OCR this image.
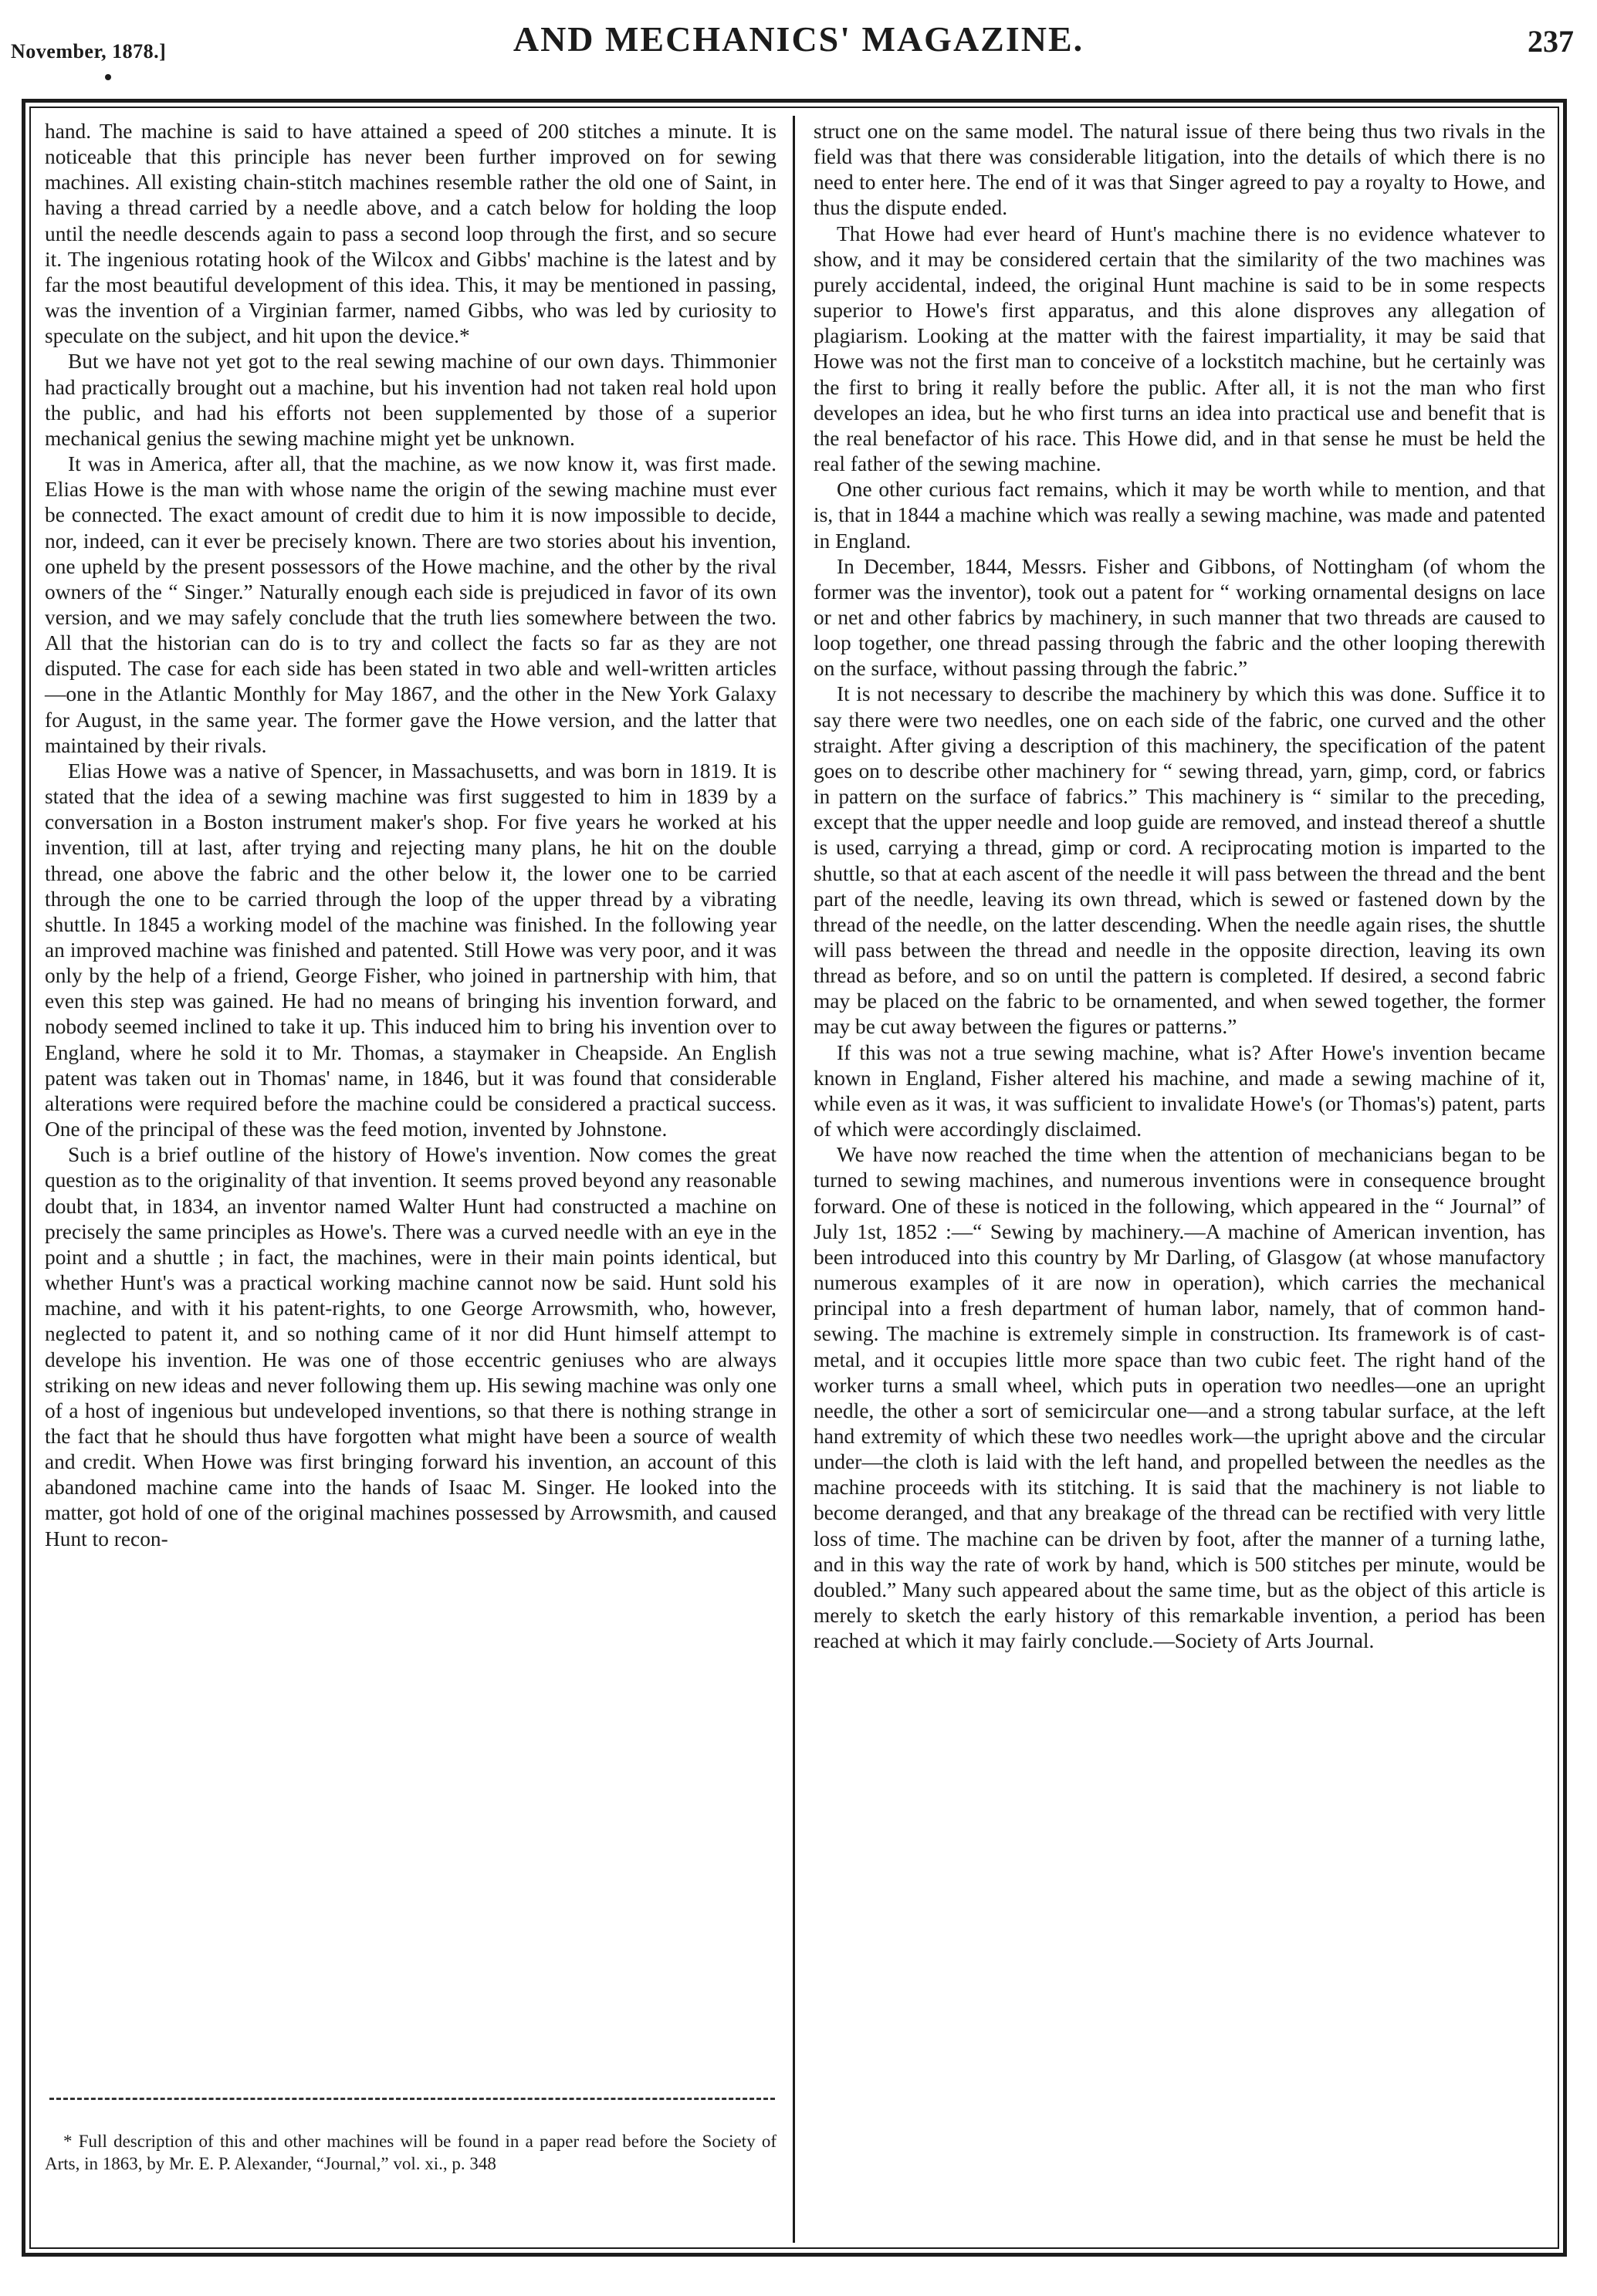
November, 1878.]	AND MECHANICS' MAGAZINE.	237

hand. The machine is said to have attained a speed of 200 stitches a minute. It is noticeable that this principle has never been further improved on for sewing machines. All existing chain-stitch machines resemble rather the old one of Saint, in having a thread carried by a needle above, and a catch below for holding the loop until the needle descends again to pass a second loop through the first, and so secure it. The ingenious rotating hook of the Wilcox and Gibbs' machine is the latest and by far the most beautiful development of this idea. This, it may be mentioned in passing, was the invention of a Virginian farmer, named Gibbs, who was led by curiosity to speculate on the subject, and hit upon the device.*

But we have not yet got to the real sewing machine of our own days. Thimmonier had practically brought out a machine, but his invention had not taken real hold upon the public, and had his efforts not been supplemented by those of a superior mechanical genius the sewing machine might yet be unknown.

It was in America, after all, that the machine, as we now know it, was first made. Elias Howe is the man with whose name the origin of the sewing machine must ever be connected. The exact amount of credit due to him it is now impossible to decide, nor, indeed, can it ever be precisely known. There are two stories about his invention, one upheld by the present possessors of the Howe machine, and the other by the rival owners of the “ Singer.” Naturally enough each side is prejudiced in favor of its own version, and we may safely conclude that the truth lies somewhere between the two. All that the historian can do is to try and collect the facts so far as they are not disputed. The case for each side has been stated in two able and well-written articles—one in the Atlantic Monthly for May 1867, and the other in the New York Galaxy for August, in the same year. The former gave the Howe version, and the latter that maintained by their rivals.

Elias Howe was a native of Spencer, in Massachusetts, and was born in 1819. It is stated that the idea of a sewing machine was first suggested to him in 1839 by a conversation in a Boston instrument maker's shop. For five years he worked at his invention, till at last, after trying and rejecting many plans, he hit on the double thread, one above the fabric and the other below it, the lower one to be carried through the one to be carried through the loop of the upper thread by a vibrating shuttle. In 1845 a working model of the machine was finished. In the following year an improved machine was finished and patented. Still Howe was very poor, and it was only by the help of a friend, George Fisher, who joined in partnership with him, that even this step was gained. He had no means of bringing his invention forward, and nobody seemed inclined to take it up. This induced him to bring his invention over to England, where he sold it to Mr. Thomas, a staymaker in Cheapside. An English patent was taken out in Thomas' name, in 1846, but it was found that considerable alterations were required before the machine could be considered a practical success. One of the principal of these was the feed motion, invented by Johnstone.

Such is a brief outline of the history of Howe's invention. Now comes the great question as to the originality of that invention. It seems proved beyond any reasonable doubt that, in 1834, an inventor named Walter Hunt had constructed a machine on precisely the same principles as Howe's. There was a curved needle with an eye in the point and a shuttle ; in fact, the machines, were in their main points identical, but whether Hunt's was a practical working machine cannot now be said. Hunt sold his machine, and with it his patent-rights, to one George Arrowsmith, who, however, neglected to patent it, and so nothing came of it nor did Hunt himself attempt to develope his invention. He was one of those eccentric geniuses who are always striking on new ideas and never following them up. His sewing machine was only one of a host of ingenious but undeveloped inventions, so that there is nothing strange in the fact that he should thus have forgotten what might have been a source of wealth and credit. When Howe was first bringing forward his invention, an account of this abandoned machine came into the hands of Isaac M. Singer. He looked into the matter, got hold of one of the original machines possessed by Arrowsmith, and caused Hunt to recon-

* Full description of this and other machines will be found in a paper read before the Society of Arts, in 1863, by Mr. E. P. Alexander, “Journal,” vol. xi., p. 348

struct one on the same model. The natural issue of there being thus two rivals in the field was that there was considerable litigation, into the details of which there is no need to enter here. The end of it was that Singer agreed to pay a royalty to Howe, and thus the dispute ended.

That Howe had ever heard of Hunt's machine there is no evidence whatever to show, and it may be considered certain that the similarity of the two machines was purely accidental, indeed, the original Hunt machine is said to be in some respects superior to Howe's first apparatus, and this alone disproves any allegation of plagiarism. Looking at the matter with the fairest impartiality, it may be said that Howe was not the first man to conceive of a lockstitch machine, but he certainly was the first to bring it really before the public. After all, it is not the man who first developes an idea, but he who first turns an idea into practical use and benefit that is the real benefactor of his race. This Howe did, and in that sense he must be held the real father of the sewing machine.

One other curious fact remains, which it may be worth while to mention, and that is, that in 1844 a machine which was really a sewing machine, was made and patented in England.

In December, 1844, Messrs. Fisher and Gibbons, of Nottingham (of whom the former was the inventor), took out a patent for “ working ornamental designs on lace or net and other fabrics by machinery, in such manner that two threads are caused to loop together, one thread passing through the fabric and the other looping therewith on the surface, without passing through the fabric.”

It is not necessary to describe the machinery by which this was done. Suffice it to say there were two needles, one on each side of the fabric, one curved and the other straight. After giving a description of this machinery, the specification of the patent goes on to describe other machinery for “ sewing thread, yarn, gimp, cord, or fabrics in pattern on the surface of fabrics.” This machinery is “ similar to the preceding, except that the upper needle and loop guide are removed, and instead thereof a shuttle is used, carrying a thread, gimp or cord. A reciprocating motion is imparted to the shuttle, so that at each ascent of the needle it will pass between the thread and the bent part of the needle, leaving its own thread, which is sewed or fastened down by the thread of the needle, on the latter descending. When the needle again rises, the shuttle will pass between the thread and needle in the opposite direction, leaving its own thread as before, and so on until the pattern is completed. If desired, a second fabric may be placed on the fabric to be ornamented, and when sewed together, the former may be cut away between the figures or patterns.”

If this was not a true sewing machine, what is? After Howe's invention became known in England, Fisher altered his machine, and made a sewing machine of it, while even as it was, it was sufficient to invalidate Howe's (or Thomas's) patent, parts of which were accordingly disclaimed.

We have now reached the time when the attention of mechanicians began to be turned to sewing machines, and numerous inventions were in consequence brought forward. One of these is noticed in the following, which appeared in the “ Journal” of July 1st, 1852 :—“ Sewing by machinery.—A machine of American invention, has been introduced into this country by Mr Darling, of Glasgow (at whose manufactory numerous examples of it are now in operation), which carries the mechanical principal into a fresh department of human labor, namely, that of common hand-sewing. The machine is extremely simple in construction. Its framework is of cast-metal, and it occupies little more space than two cubic feet. The right hand of the worker turns a small wheel, which puts in operation two needles—one an upright needle, the other a sort of semicircular one—and a strong tabular surface, at the left hand extremity of which these two needles work—the upright above and the circular under—the cloth is laid with the left hand, and propelled between the needles as the machine proceeds with its stitching. It is said that the machinery is not liable to become deranged, and that any breakage of the thread can be rectified with very little loss of time. The machine can be driven by foot, after the manner of a turning lathe, and in this way the rate of work by hand, which is 500 stitches per minute, would be doubled.” Many such appeared about the same time, but as the object of this article is merely to sketch the early history of this remarkable invention, a period has been reached at which it may fairly conclude.—Society of Arts Journal.
